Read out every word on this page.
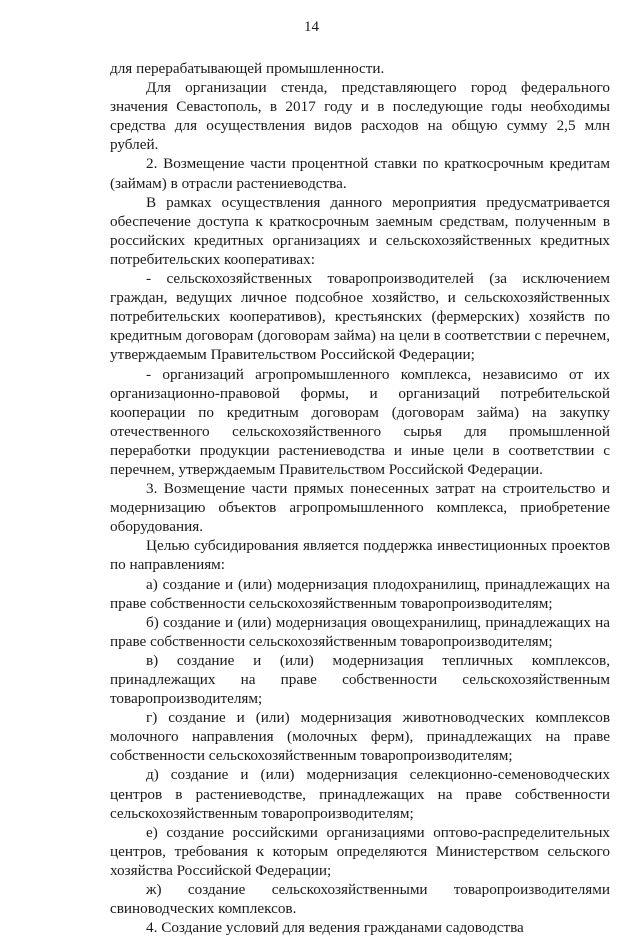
14

для перерабатывающей промышленности.

Для организации стенда, представляющего город федерального значения Севастополь, в 2017 году и в последующие годы необходимы средства для осуществления видов расходов на общую сумму 2,5 млн рублей.

2. Возмещение части процентной ставки по краткосрочным кредитам (займам) в отрасли растениеводства.

В рамках осуществления данного мероприятия предусматривается обеспечение доступа к краткосрочным заемным средствам, полученным в российских кредитных организациях и сельскохозяйственных кредитных потребительских кооперативах:

- сельскохозяйственных товаропроизводителей (за исключением граждан, ведущих личное подсобное хозяйство, и сельскохозяйственных потребительских кооперативов), крестьянских (фермерских) хозяйств по кредитным договорам (договорам займа) на цели в соответствии с перечнем, утверждаемым Правительством Российской Федерации;

- организаций агропромышленного комплекса, независимо от их организационно-правовой формы, и организаций потребительской кооперации по кредитным договорам (договорам займа) на закупку отечественного сельскохозяйственного сырья для промышленной переработки продукции растениеводства и иные цели в соответствии с перечнем, утверждаемым Правительством Российской Федерации.

3. Возмещение части прямых понесенных затрат на строительство и модернизацию объектов агропромышленного комплекса, приобретение оборудования.

Целью субсидирования является поддержка инвестиционных проектов по направлениям:

а) создание и (или) модернизация плодохранилищ, принадлежащих на праве собственности сельскохозяйственным товаропроизводителям;

б) создание и (или) модернизация овощехранилищ, принадлежащих на праве собственности сельскохозяйственным товаропроизводителям;

в) создание и (или) модернизация тепличных комплексов, принадлежащих на праве собственности сельскохозяйственным товаропроизводителям;

г) создание и (или) модернизация животноводческих комплексов молочного направления (молочных ферм), принадлежащих на праве собственности сельскохозяйственным товаропроизводителям;

д) создание и (или) модернизация селекционно-семеноводческих центров в растениеводстве, принадлежащих на праве собственности сельскохозяйственным товаропроизводителям;

е) создание российскими организациями оптово-распределительных центров, требования к которым определяются Министерством сельского хозяйства Российской Федерации;

ж) создание сельскохозяйственными товаропроизводителями свиноводческих комплексов.

4. Создание условий для ведения гражданами садоводства
